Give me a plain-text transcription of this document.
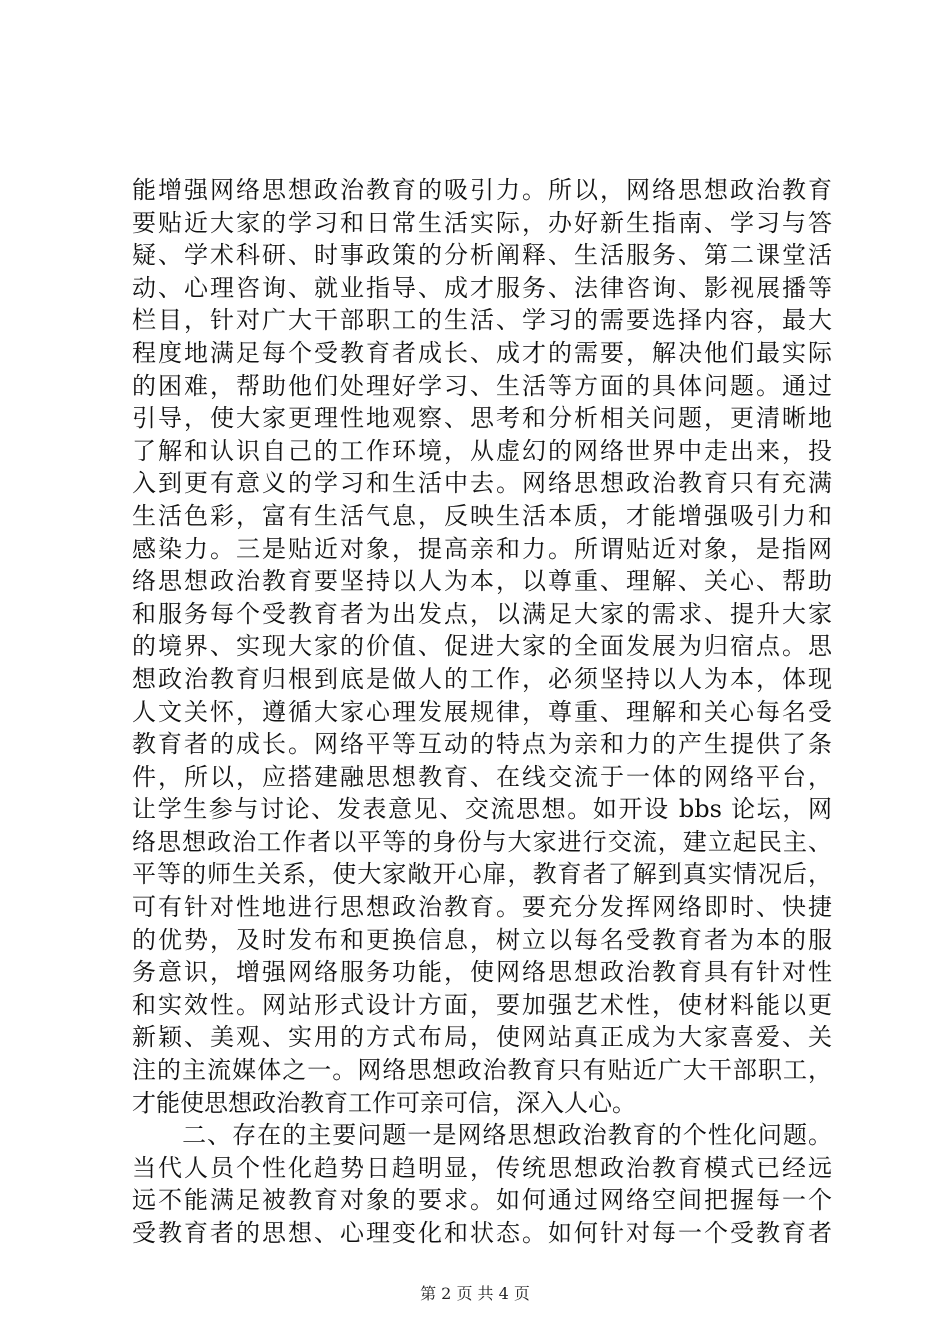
能增强网络思想政治教育的吸引力。所以，网络思想政治教育
要贴近大家的学习和日常生活实际，办好新生指南、学习与答
疑、学术科研、时事政策的分析阐释、生活服务、第二课堂活
动、心理咨询、就业指导、成才服务、法律咨询、影视展播等
栏目，针对广大干部职工的生活、学习的需要选择内容，最大
程度地满足每个受教育者成长、成才的需要，解决他们最实际
的困难，帮助他们处理好学习、生活等方面的具体问题。通过
引导，使大家更理性地观察、思考和分析相关问题，更清晰地
了解和认识自己的工作环境，从虚幻的网络世界中走出来，投
入到更有意义的学习和生活中去。网络思想政治教育只有充满
生活色彩，富有生活气息，反映生活本质，才能增强吸引力和
感染力。三是贴近对象，提高亲和力。所谓贴近对象，是指网
络思想政治教育要坚持以人为本，以尊重、理解、关心、帮助
和服务每个受教育者为出发点，以满足大家的需求、提升大家
的境界、实现大家的价值、促进大家的全面发展为归宿点。思
想政治教育归根到底是做人的工作，必须坚持以人为本，体现
人文关怀，遵循大家心理发展规律，尊重、理解和关心每名受
教育者的成长。网络平等互动的特点为亲和力的产生提供了条
件，所以，应搭建融思想教育、在线交流于一体的网络平台，
让学生参与讨论、发表意见、交流思想。如开设 bbs 论坛，网
络思想政治工作者以平等的身份与大家进行交流，建立起民主、
平等的师生关系，使大家敞开心扉，教育者了解到真实情况后，
可有针对性地进行思想政治教育。要充分发挥网络即时、快捷
的优势，及时发布和更换信息，树立以每名受教育者为本的服
务意识，增强网络服务功能，使网络思想政治教育具有针对性
和实效性。网站形式设计方面，要加强艺术性，使材料能以更
新颖、美观、实用的方式布局，使网站真正成为大家喜爱、关
注的主流媒体之一。网络思想政治教育只有贴近广大干部职工，
才能使思想政治教育工作可亲可信，深入人心。
　　二、存在的主要问题一是网络思想政治教育的个性化问题。
当代人员个性化趋势日趋明显，传统思想政治教育模式已经远
远不能满足被教育对象的要求。如何通过网络空间把握每一个
受教育者的思想、心理变化和状态。如何针对每一个受教育者
第 2 页 共 4 页
